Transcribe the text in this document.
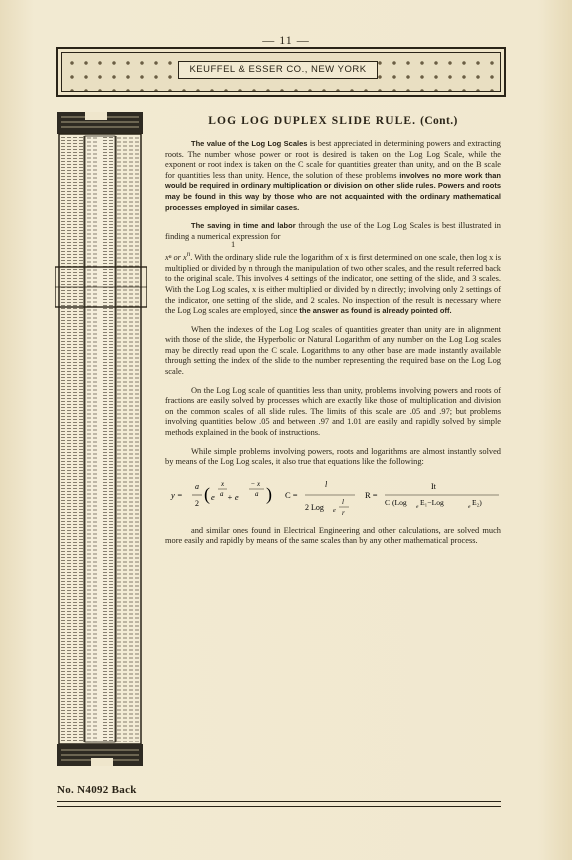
— 11 —
KEUFFEL & ESSER CO., NEW YORK
LOG LOG DUPLEX SLIDE RULE. (Cont.)

The value of the Log Log Scales is best appreciated in determining powers and extracting roots. The number whose power or root is desired is taken on the Log Log Scale, while the exponent or root index is taken on the C scale for quantities greater than unity, and on the B scale for quantities less than unity. Hence, the solution of these problems involves no more work than would be required in ordinary multiplication or division on other slide rules. Powers and roots may be found in this way by those who are not acquainted with the ordinary mathematical processes employed in similar cases.

The saving in time and labor through the use of the Log Log Scales is best illustrated in finding a numerical expression for
1
xⁿ or $x^n$. With the ordinary slide rule the logarithm of x is first determined on one scale, then log x is multiplied or divided by n through the manipulation of two other scales, and the result referred back to the original scale. This involves 4 settings of the indicator, one setting of the slide, and 3 scales. With the Log Log scales, x is either multiplied or divided by n directly; involving only 2 settings of the indicator, one setting of the slide, and 2 scales. No inspection of the result is necessary where the Log Log scales are employed, since the answer as found is already pointed off.

When the indexes of the Log Log scales of quantities greater than unity are in alignment with those of the slide, the Hyperbolic or Natural Logarithm of any number on the Log Log scales may be directly read upon the C scale. Logarithms to any other base are made instantly available through setting the index of the slide to the number representing the required base on the Log Log scale.

On the Log Log scale of quantities less than unity, problems involving powers and roots of fractions are easily solved by processes which are exactly like those of multiplication and division on the common scales of all slide rules. The limits of this scale are .05 and .97; but problems involving quantities below .05 and between .97 and 1.01 are easily and rapidly solved by simple methods explained in the book of instructions.

While simple problems involving powers, roots and logarithms are almost instantly solved by means of the Log Log scales, it also true that equations like the following:

y =
a
2 ( e
x
a + e
− x
a ) C =
l
2 Log e
l
r
R =
It
C (Log e E₁−Log	e E₂)

and similar ones found in Electrical Engineering and other calculations, are solved much more easily and rapidly by means of the same scales than by any other mathematical process.

No. N4092 Back
